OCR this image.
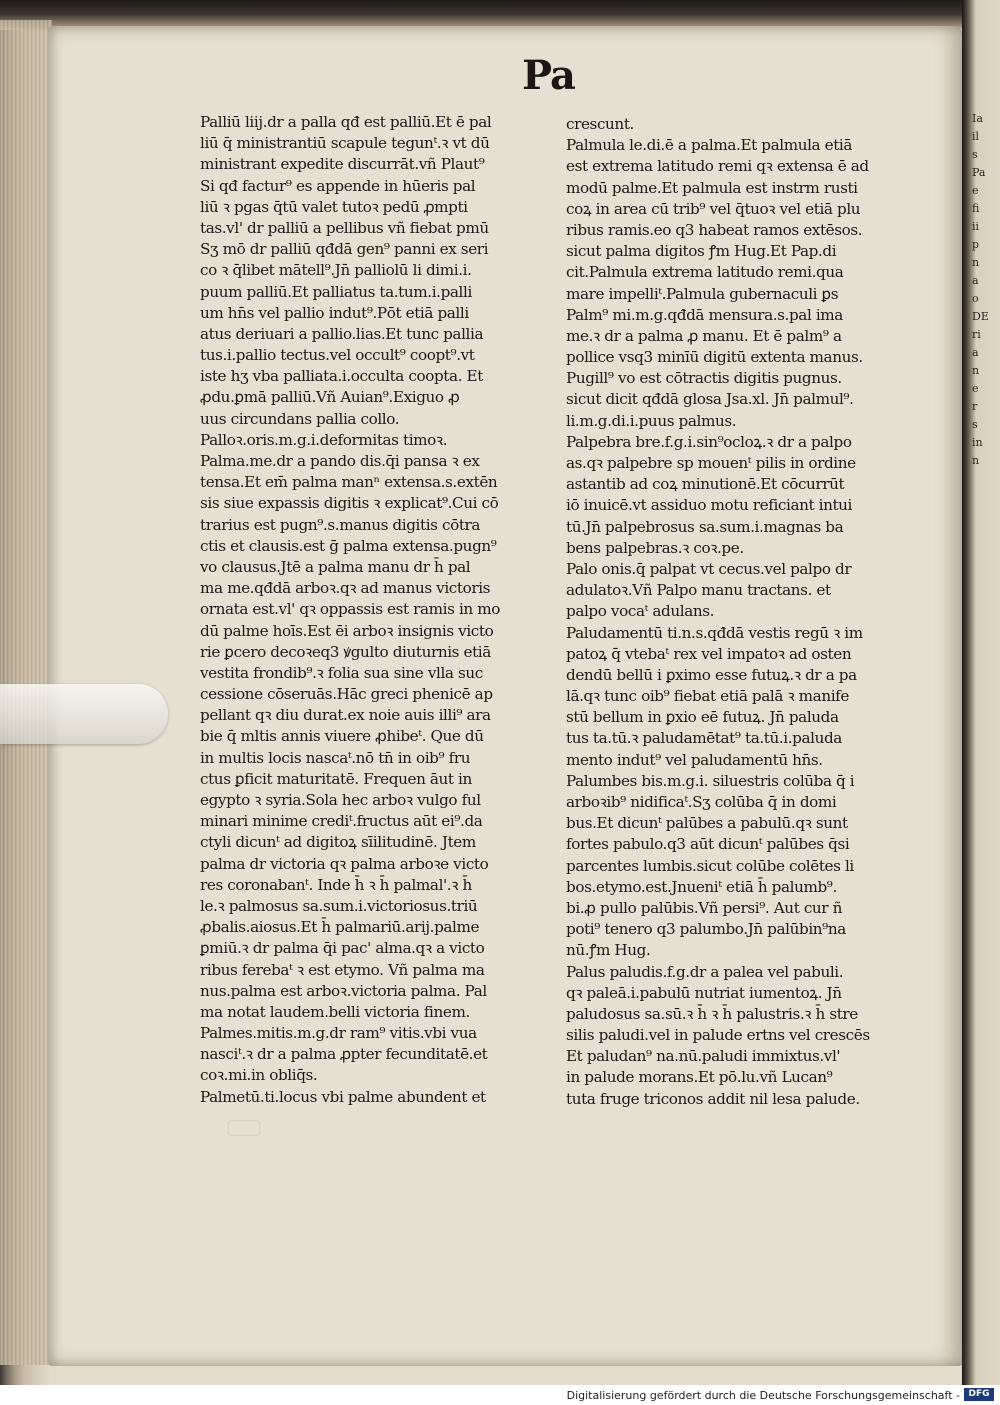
Ia
il
s
Pa
e
fi
ii
p
n
a
o
DE
ri
a
n
e
r
s
in
n
Pa
Palliū liij.dr a palla qđ est palliū.Et ē pal
liū q̄ ministrantiū scapule tegunᵗ.ꝛ vt dū
ministrant expedite discurrāt.vñ Plaut⁹
Si qđ factur⁹ es appende in hūeris pal
liū ꝛ pgas q̄tū valet tutoꝛ pedū ꝓmpti
tas.vl' dr palliū a pellibus vñ fiebat pmū
Sʒ mō dr palliū qđdā gen⁹ panni ex seri
co ꝛ q̄libet mātell⁹.Jn̄ palliolū li dimi.i.
puum palliū.Et palliatus ta.tum.i.palli
um hn̄s vel pallio indut⁹.Pōt etiā palli
atus deriuari a pallio.lias.Et tunc pallia
tus.i.pallio tectus.vel occult⁹ coopt⁹.vt
iste hʒ vba palliata.i.occulta coopta. Et
ꝓdu.ꝑmā palliū.Vñ Auian⁹.Exiguo ꝓ
uus circundans pallia collo.
Palloꝛ.oris.m.g.i.deformitas timoꝛ.
Palma.me.dr a pando dis.q̄i pansa ꝛ ex
tensa.Et em̄ palma manⁿ extensa.s.extēn
sis siue expassis digitis ꝛ explicat⁹.Cui cō
trarius est pugn⁹.s.manus digitis cōtra
ctis et clausis.est ḡ palma extensa.pugn⁹
vo clausus.Jtē a palma manu dr h̄ pal
ma me.qđdā arboꝛ.qꝛ ad manus victoris
ornata est.vl' qꝛ oppassis est ramis in mo
dū palme hoīs.Est ēi arboꝛ insignis victo
rie ꝑcero decoꝛeq3 ꝟgulto diuturnis etiā
vestita frondib⁹.ꝛ folia sua sine vlla suc
cessione cōseruās.Hāc greci phenicē ap
pellant qꝛ diu durat.ex noie auis illi⁹ ara
bie q̄ mltis annis viuere ꝓhibeᵗ. Que dū
in multis locis nascaᵗ.nō tn̄ in oib⁹ fru
ctus ꝑficit maturitatē. Frequen āut in
egypto ꝛ syria.Sola hec arboꝛ vulgo ful
minari minime crediᵗ.fructus aūt ei⁹.da
ctyli dicunᵗ ad digitoꝝ sīilitudinē. Jtem
palma dr victoria qꝛ palma arboꝛe victo
res coronabanᵗ. Inde h̄ ꝛ h̄ palmal'.ꝛ h̄
le.ꝛ palmosus sa.sum.i.victoriosus.triū
ꝓbalis.aiosus.Et h̄ palmariū.arij.palme
ꝑmiū.ꝛ dr palma q̄i pac' alma.qꝛ a victo
ribus ferebaᵗ ꝛ est etymo. Vñ palma ma
nus.palma est arboꝛ.victoria palma. Pal
ma notat laudem.belli victoria finem.
Palmes.mitis.m.g.dr ram⁹ vitis.vbi vua
nasciᵗ.ꝛ dr a palma ꝓpter fecunditatē.et
coꝛ.mi.in obliq̄s.
Palmetū.ti.locus vbi palme abundent et
crescunt.
Palmula le.di.ē a palma.Et palmula etiā
est extrema latitudo remi qꝛ extensa ē ad
modū palme.Et palmula est instrm rusti
coꝝ in area cū trib⁹ vel q̄tuoꝛ vel etiā plu
ribus ramis.eo q3 habeat ramos extēsos.
sicut palma digitos ꝭm Hug.Et Pap.di
cit.Palmula extrema latitudo remi.qua
mare impelliᵗ.Palmula gubernaculi ꝑs
Palm⁹ mi.m.g.qđdā mensura.s.pal ima
me.ꝛ dr a palma ꝓ manu. Et ē palm⁹ a
pollice vsq3 minīū digitū extenta manus.
Pugill⁹ vo est cōtractis digitis pugnus.
sicut dicit qđdā glosa Jsa.xl. Jn̄ palmul⁹.
li.m.g.di.i.puus palmus.
Palpebra bre.f.g.i.sin⁹ocloꝝ.ꝛ dr a palpo
as.qꝛ palpebre sp mouenᵗ pilis in ordine
astantib ad coꝝ minutionē.Et cōcurrūt
iō inuicē.vt assiduo motu reficiant intui
tū.Jn̄ palpebrosus sa.sum.i.magnas ba
bens palpebras.ꝛ coꝛ.pe.
Palo onis.q̄ palpat vt cecus.vel palpo dr
adulatoꝛ.Vñ Palpo manu tractans. et
palpo vocaᵗ adulans.
Paludamentū ti.n.s.qđdā vestis regū ꝛ im
patoꝝ q̄ vtebaᵗ rex vel impatoꝛ ad osten
dendū bellū i ꝑximo esse futuꝝ.ꝛ dr a pa
lā.qꝛ tunc oib⁹ fiebat etiā palā ꝛ manife
stū bellum in ꝑxio eē futuꝝ. Jn̄ paluda
tus ta.tū.ꝛ paludamētat⁹ ta.tū.i.paluda
mento indut⁹ vel paludamentū hn̄s.
Palumbes bis.m.g.i. siluestris colūba q̄ i
arboꝛib⁹ nidificaᵗ.Sʒ colūba q̄ in domi
bus.Et dicunᵗ palūbes a pabulū.qꝛ sunt
fortes pabulo.q3 aūt dicunᵗ palūbes q̄si
parcentes lumbis.sicut colūbe colētes li
bos.etymo.est.Jnueniᵗ etiā h̄ palumb⁹.
bi.ꝓ pullo palūbis.Vñ persi⁹. Aut cur ñ
poti⁹ tenero q3 palumbo.Jn̄ palūbin⁹na
nū.ꝭm Hug.
Palus paludis.f.g.dr a palea vel pabuli.
qꝛ paleā.i.pabulū nutriat iumentoꝝ. Jn̄
paludosus sa.sū.ꝛ h̄ ꝛ h̄ palustris.ꝛ h̄ stre
silis paludi.vel in palude ertns vel crescēs
Et paludan⁹ na.nū.paludi immixtus.vl'
in palude morans.Et pō.lu.vñ Lucan⁹
tuta fruge triconos addit nil lesa palude.
Digitalisierung gefördert durch die Deutsche Forschungsgemeinschaft - DFG
